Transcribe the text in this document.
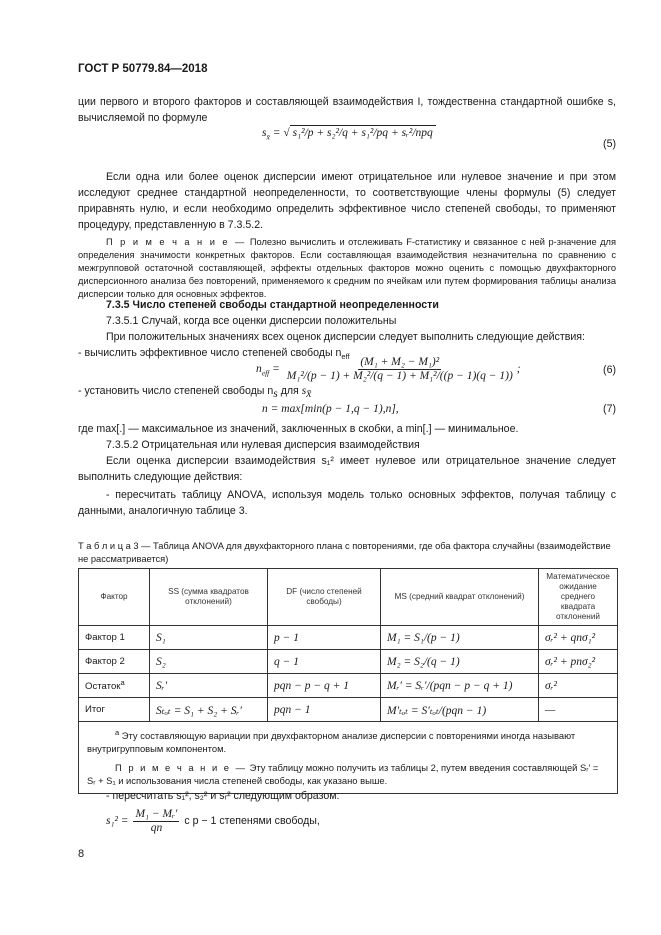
ГОСТ Р 50779.84—2018
ции первого и второго факторов и составляющей взаимодействия I, тождественна стандартной ошибке s, вычисляемой по формуле
$s_{x̄}$ = √ s₁²/p + s₂²/q + s₁²/pq + sᵣ²/npq
(5)
Если одна или более оценок дисперсии имеют отрицательное или нулевое значение и при этом исследуют среднее стандартной неопределенности, то соответствующие члены формулы (5) следует приравнять нулю, и если необходимо определить эффективное число степеней свободы, то применяют процедуру, представленную в 7.3.5.2.
П р и м е ч а н и е — Полезно вычислить и отслеживать F-статистику и связанное с ней p-значение для определения значимости конкретных факторов. Если составляющая взаимодействия незначительна по сравнению с межгрупповой остаточной составляющей, эффекты отдельных факторов можно оценить с помощью двухфакторного дисперсионного анализа без повторений, применяемого к средним по ячейкам или путем формирования таблицы анализа дисперсии только для основных эффектов.
7.3.5 Число степеней свободы стандартной неопределенности
7.3.5.1 Случай, когда все оценки дисперсии положительны
При положительных значениях всех оценок дисперсии следует выполнить следующие действия:
- вычислить эффективное число степеней свободы $n_{eff}$
$n_{eff} = \frac{\text{(M₁ + M₂ − M₁)²}}{\text{M₁²/(p − 1) + M₂²/(q − 1) + M₁²/((p − 1)(q − 1))}}$ ;	(6)
- установить число степеней свободы $n_s$ для $s_{x̄}$
n = max[min(p − 1,q − 1),n],	(7)
где max[.] — максимальное из значений, заключенных в скобки, а min[.] — минимальное.
7.3.5.2 Отрицательная или нулевая дисперсия взаимодействия
Если оценка дисперсии взаимодействия s₁² имеет нулевое или отрицательное значение следует выполнить следующие действия:
- пересчитать таблицу ANOVA, используя модель только основных эффектов, получая таблицу с данными, аналогичную таблице 3.
Т а б л и ц а 3 — Таблица ANOVA для двухфакторного плана с повторениями, где оба фактора случайны (взаимодействие не рассматривается)
Фактор	SS (сумма квадратов отклонений)	DF (число степеней свободы)	MS (средний квадрат отклонений)	Математическое ожидание среднего квадрата отклонений
Фактор 1	S₁	p − 1	M₁ = S₁/(p − 1)	σᵣ² + qnσ₁²
Фактор 2	S₂	q − 1	M₂ = S₂/(q − 1)	σᵣ² + pnσ₂²
Остаток$^а$	Sᵣ′	pqn − p − q + 1	Mᵣ′ = Sᵣ′/(pqn − p − q + 1)	σᵣ²
Итог	Sₜₒₜ = S₁ + S₂ + Sᵣ′	pqn − 1	M′ₜₒₜ = S′ₜₒₜ/(pqn − 1)	—

$^а$ Эту составляющую вариации при двухфакторном анализе дисперсии с повторениями иногда называют внутригрупповым компонентом.
П р и м е ч а н и е — Эту таблицу можно получить из таблицы 2, путем введения составляющей Sᵣ′ = Sᵣ + S₁ и использования числа степеней свободы, как указано выше.				
- пересчитать s₁², s₂² и sᵣ² следующим образом:
$s_1^2 = \frac{\text{M₁ − Mᵣ′}}{qn}$ с p − 1 степенями свободы,
8
